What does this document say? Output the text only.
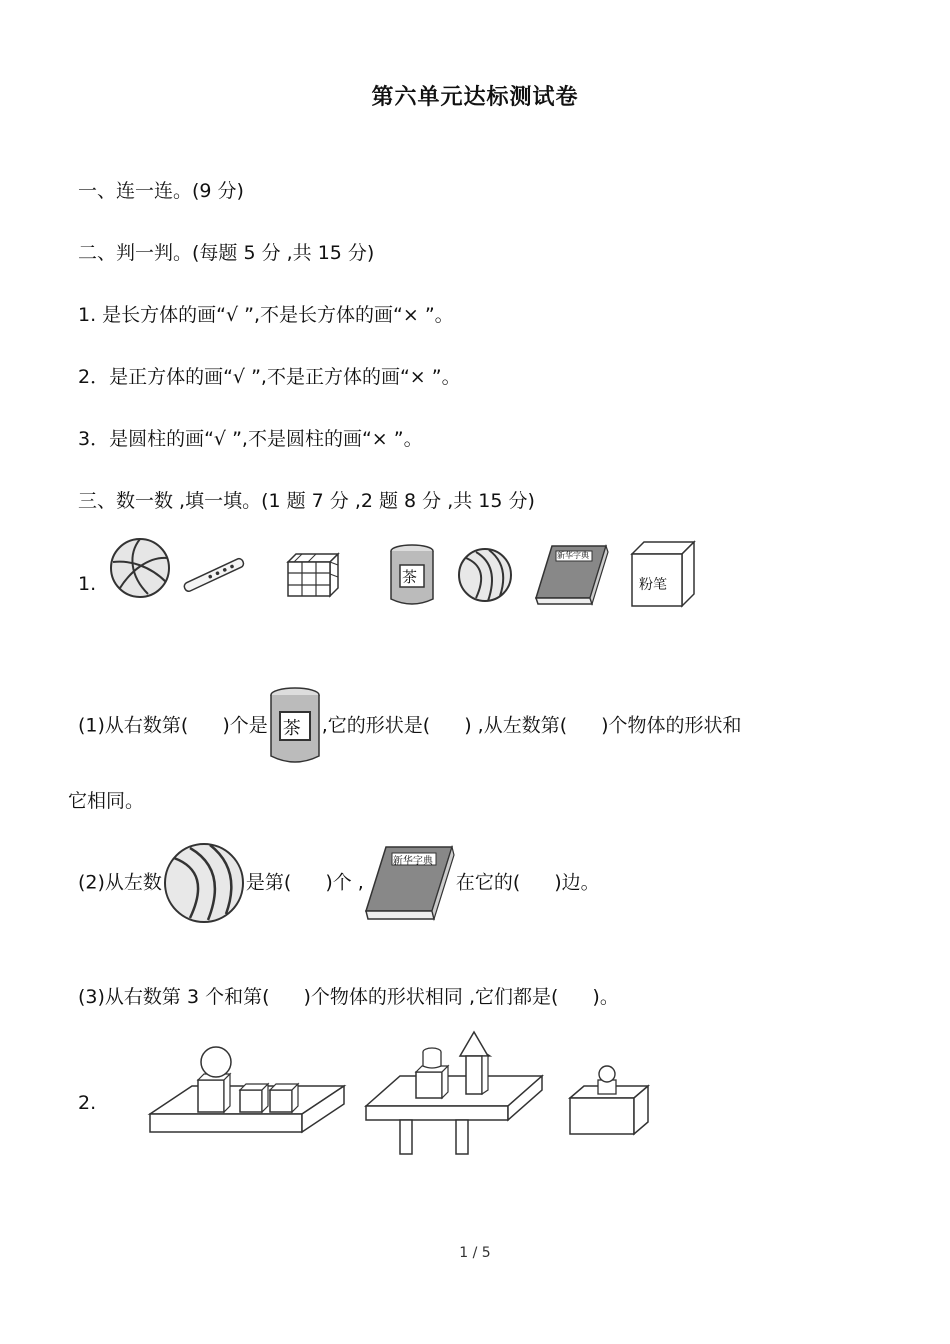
第六单元达标测试卷
一、连一连。(9 分)
二、判一判。(每题 5 分 ,共 15 分)
1. 是长方体的画“√ ”,不是长方体的画“× ”。
2．是正方体的画“√ ”,不是正方体的画“× ”。
3．是圆柱的画“√ ”,不是圆柱的画“× ”。
三、数一数 ,填一填。(1 题 7 分 ,2 题 8 分 ,共 15 分)
1.	茶
新华字典
粉笔
(1)从右数第( )个是 茶 ,它的形状是( ) ,从左数第( )个物体的形状和
它相同。
(2)从左数	是第( )个 ,
新华字典
在它的( )边。
(3)从右数第 3 个和第( )个物体的形状相同 ,它们都是( )。
2.
1 / 5
